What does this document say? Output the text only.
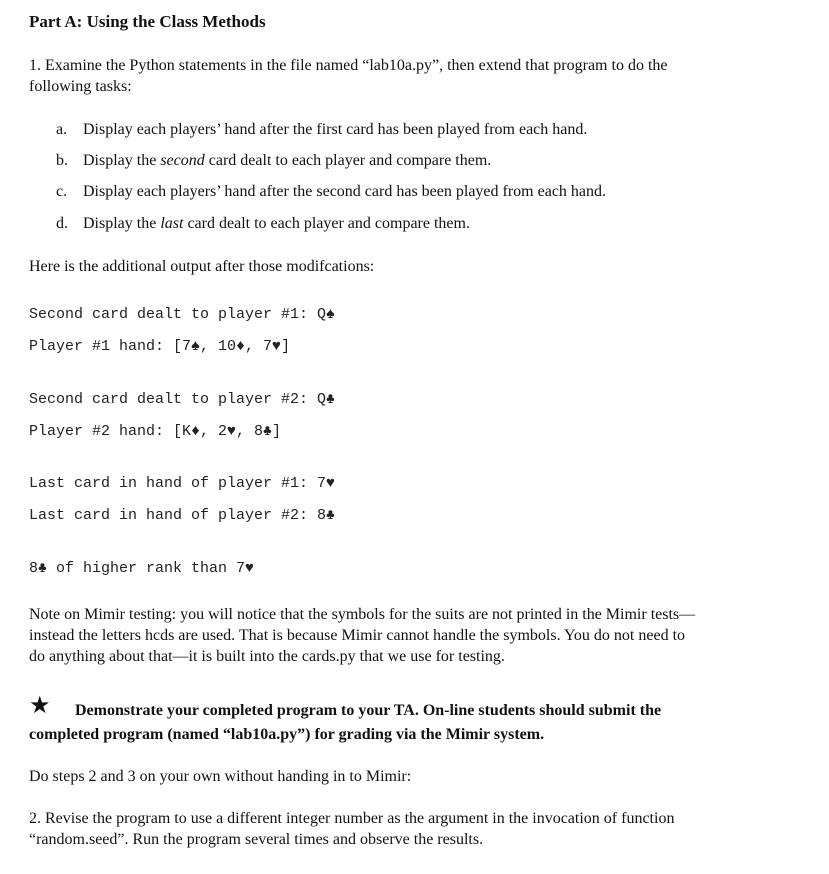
Part A: Using the Class Methods
1. Examine the Python statements in the file named “lab10a.py”, then extend that program to do the
following tasks:
a. Display each players’ hand after the first card has been played from each hand.
b. Display the second card dealt to each player and compare them.
c. Display each players’ hand after the second card has been played from each hand.
d. Display the last card dealt to each player and compare them.
Here is the additional output after those modifcations:
Second card dealt to player #1: Q♠
Player #1 hand: [7♠, 10♦, 7♥]
Second card dealt to player #2: Q♣
Player #2 hand: [K♦, 2♥, 8♣]
Last card in hand of player #1: 7♥
Last card in hand of player #2: 8♣
8♣ of higher rank than 7♥
Note on Mimir testing: you will notice that the symbols for the suits are not printed in the Mimir tests—
instead the letters hcds are used. That is because Mimir cannot handle the symbols. You do not need to
do anything about that—it is built into the cards.py that we use for testing.
★ Demonstrate your completed program to your TA. On-line students should submit the
completed program (named “lab10a.py”) for grading via the Mimir system.
Do steps 2 and 3 on your own without handing in to Mimir:
2. Revise the program to use a different integer number as the argument in the invocation of function
“random.seed”. Run the program several times and observe the results.
